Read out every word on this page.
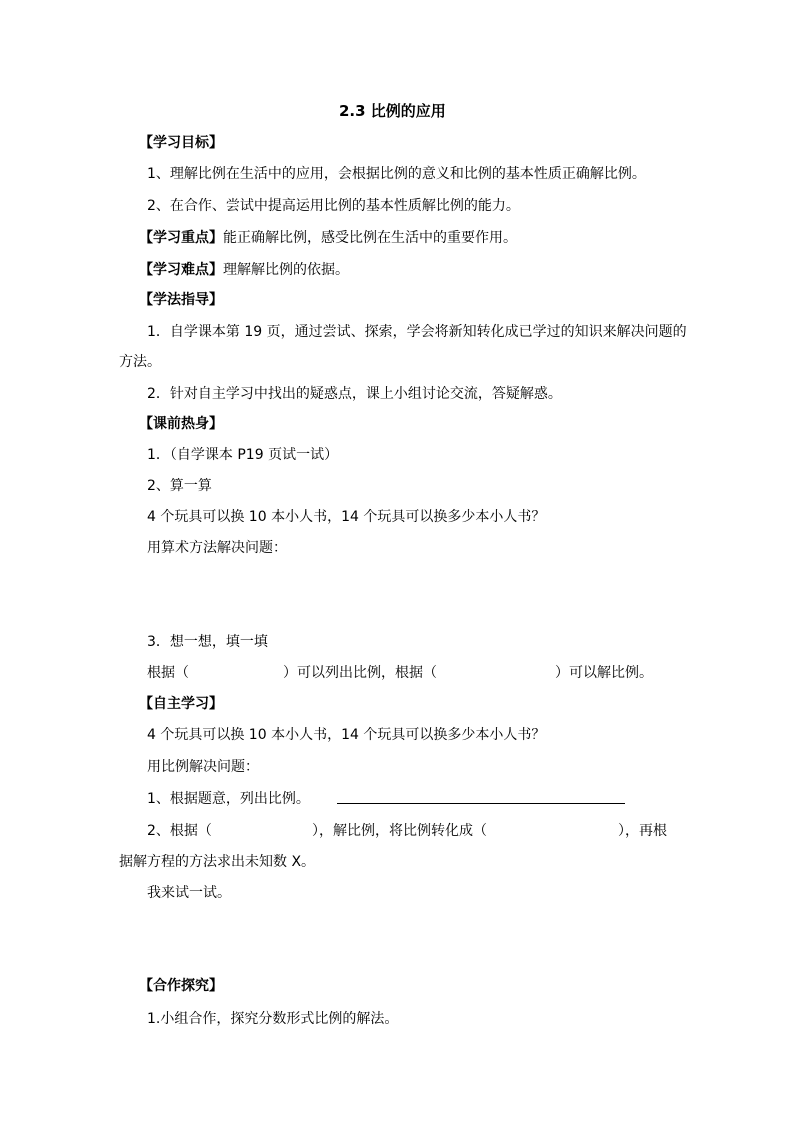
2.3 比例的应用
【学习目标】
1、理解比例在生活中的应用，会根据比例的意义和比例的基本性质正确解比例。
2、在合作、尝试中提高运用比例的基本性质解比例的能力。
【学习重点】能正确解比例，感受比例在生活中的重要作用。
【学习难点】理解解比例的依据。
【学法指导】
1．自学课本第 19 页，通过尝试、探索，学会将新知转化成已学过的知识来解决问题的
方法。
2．针对自主学习中找出的疑惑点，课上小组讨论交流，答疑解惑。
【课前热身】
1．（自学课本 P19 页试一试）
2、算一算
4 个玩具可以换 10 本小人书，14 个玩具可以换多少本小人书？
用算术方法解决问题：
3．想一想，填一填
根据（	）可以列出比例，根据（	）可以解比例。
【自主学习】
4 个玩具可以换 10 本小人书，14 个玩具可以换多少本小人书？
用比例解决问题：
1、根据题意，列出比例。
2、根据（	），解比例，将比例转化成（	），再根
据解方程的方法求出未知数 X。
我来试一试。
【合作探究】
1.小组合作，探究分数形式比例的解法。
